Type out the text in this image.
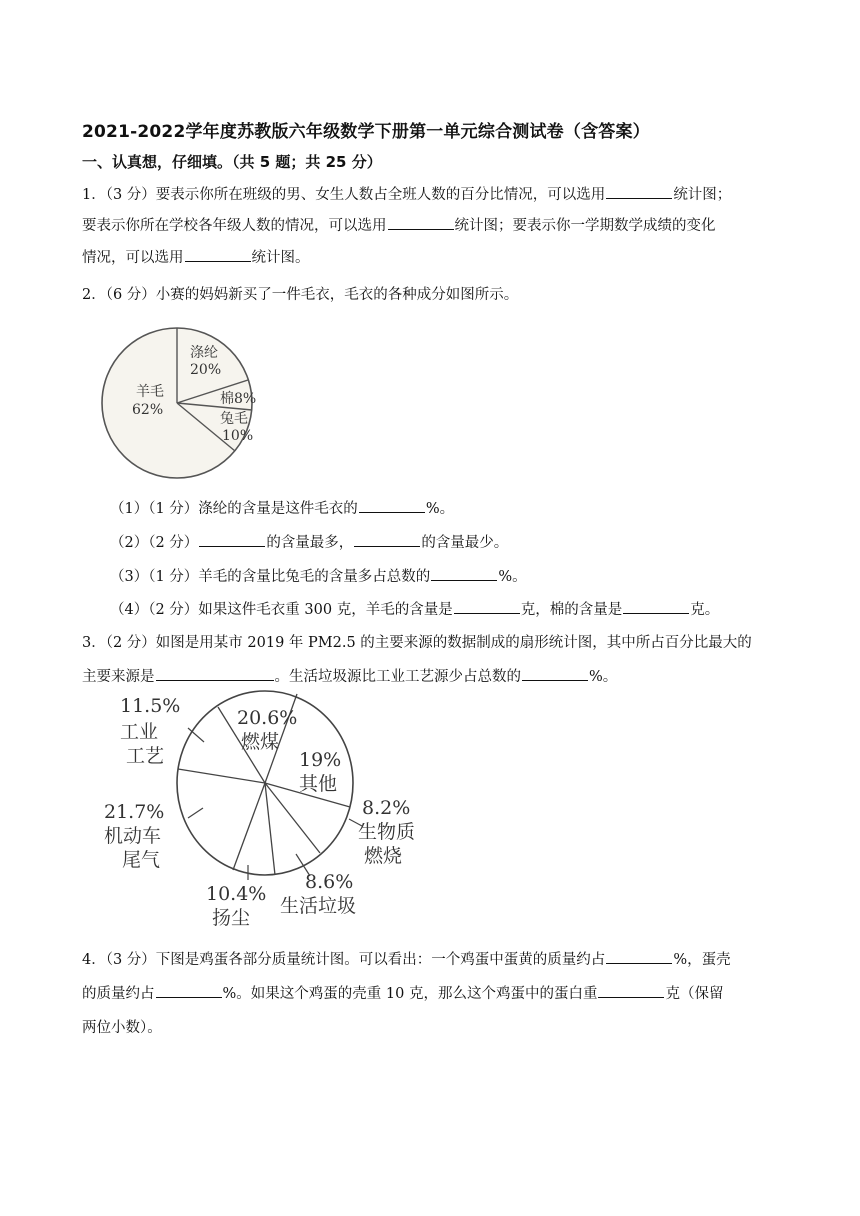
2021-2022学年度苏教版六年级数学下册第一单元综合测试卷（含答案）
一、认真想，仔细填。（共 5 题；共 25 分）
1．（3 分）要表示你所在班级的男、女生人数占全班人数的百分比情况，可以选用	统计图；
要表示你所在学校各年级人数的情况，可以选用	统计图；要表示你一学期数学成绩的变化
情况，可以选用	统计图。
2．（6 分）小赛的妈妈新买了一件毛衣，毛衣的各种成分如图所示。
羊毛
62%
涤纶
20%
棉8%
兔毛
10%
（1）（1 分）涤纶的含量是这件毛衣的	%。
（2）（2 分）	的含量最多，	的含量最少。
（3）（1 分）羊毛的含量比兔毛的含量多占总数的	%。
（4）（2 分）如果这件毛衣重 300 克，羊毛的含量是	克，棉的含量是	克。
3．（2 分）如图是用某市 2019 年 PM2.5 的主要来源的数据制成的扇形统计图，其中所占百分比最大的
主要来源是	。生活垃圾源比工业工艺源少占总数的	%。
11.5%
工业
工艺
20.6%
燃煤
19%
其他
8.2%
生物质
燃烧
21.7%
机动车
尾气
10.4%
扬尘
8.6%
生活垃圾
4．（3 分）下图是鸡蛋各部分质量统计图。可以看出：一个鸡蛋中蛋黄的质量约占	%，蛋壳
的质量约占	%。如果这个鸡蛋的壳重 10 克，那么这个鸡蛋中的蛋白重	克（保留
两位小数）。
